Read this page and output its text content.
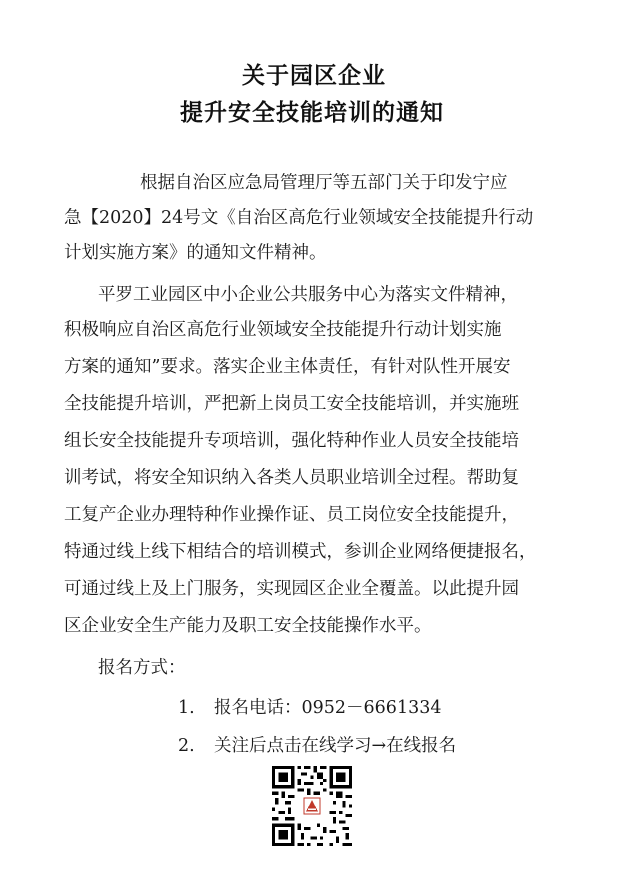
关于园区企业
提升安全技能培训的通知
根据自治区应急局管理厅等五部门关于印发宁应
急【2020】24号文《自治区高危行业领域安全技能提升行动
计划实施方案》的通知文件精神。
平罗工业园区中小企业公共服务中心为落实文件精神，
积极响应自治区高危行业领域安全技能提升行动计划实施
方案的通知”要求。落实企业主体责任，有针对队性开展安
全技能提升培训，严把新上岗员工安全技能培训，并实施班
组长安全技能提升专项培训，强化特种作业人员安全技能培
训考试，将安全知识纳入各类人员职业培训全过程。帮助复
工复产企业办理特种作业操作证、员工岗位安全技能提升，
特通过线上线下相结合的培训模式，参训企业网络便捷报名，
可通过线上及上门服务，实现园区企业全覆盖。以此提升园
区企业安全生产能力及职工安全技能操作水平。
报名方式：
1. 报名电话：0952－6661334
2. 关注后点击在线学习→在线报名
